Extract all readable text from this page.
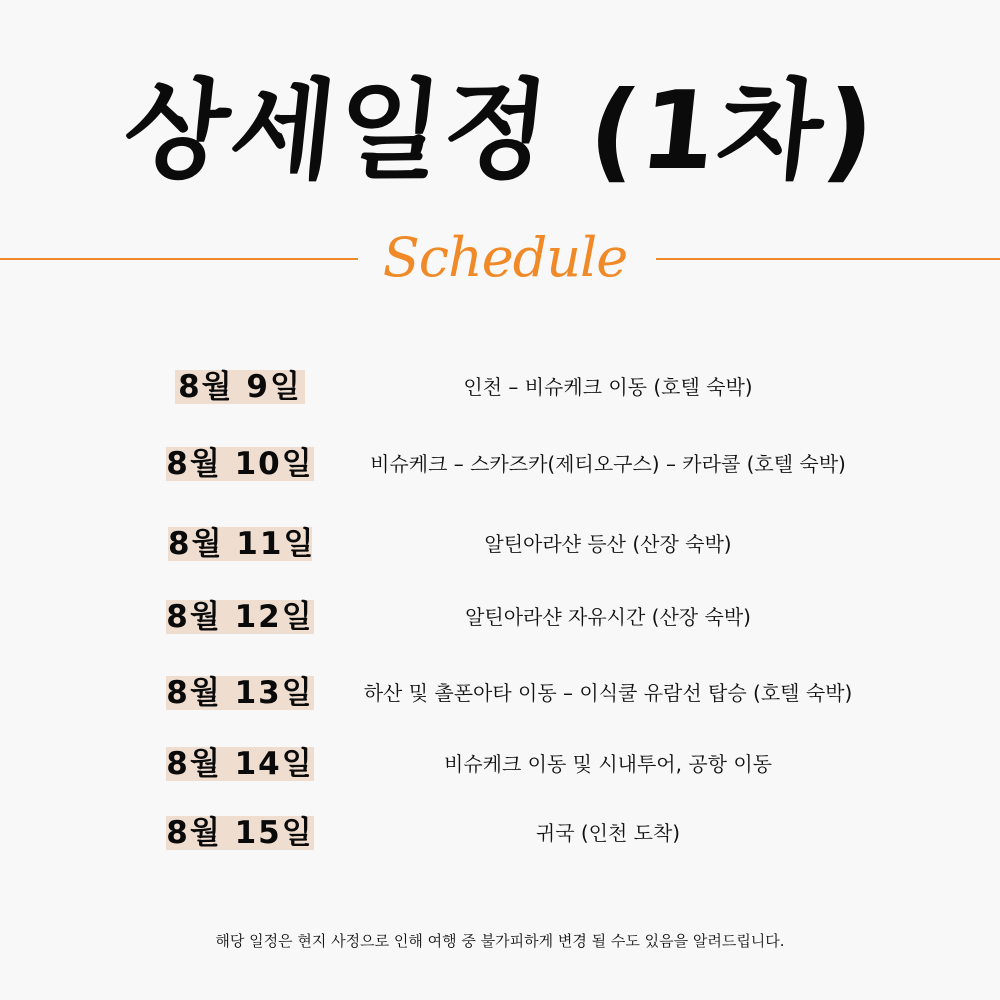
상세일정 (1차)
Schedule
8월 9일	인천 – 비슈케크 이동 (호텔 숙박)
8월 10일	비슈케크 – 스카즈카(제티오구스) – 카라콜 (호텔 숙박)
8월 11일	알틴아라샨 등산 (산장 숙박)
8월 12일	알틴아라샨 자유시간 (산장 숙박)
8월 13일	하산 및 촐폰아타 이동 – 이식쿨 유람선 탑승 (호텔 숙박)
8월 14일	비슈케크 이동 및 시내투어, 공항 이동
8월 15일	귀국 (인천 도착)
해당 일정은 현지 사정으로 인해 여행 중 불가피하게 변경 될 수도 있음을 알려드립니다.
